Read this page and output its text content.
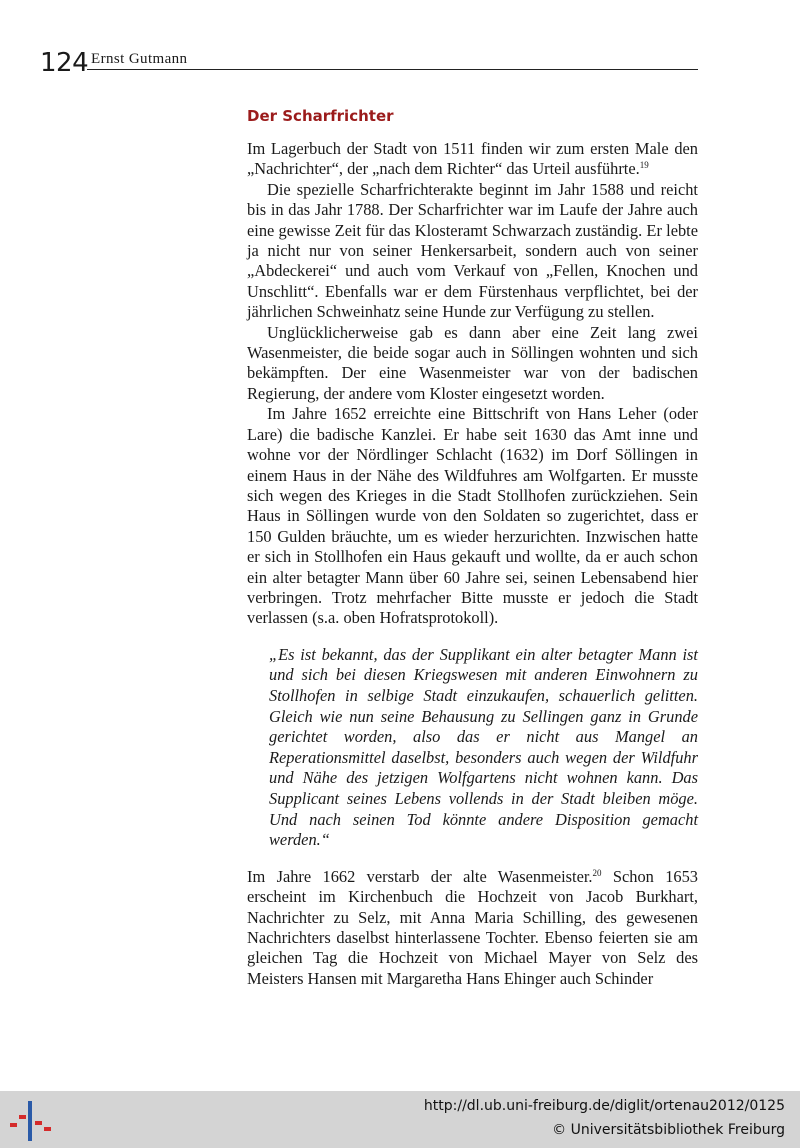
124 Ernst Gutmann
Der Scharfrichter

Im Lagerbuch der Stadt von 1511 finden wir zum ersten Male den „Nachrichter“, der „nach dem Richter“ das Urteil ausführte.$^{19}$

Die spezielle Scharfrichterakte beginnt im Jahr 1588 und reicht bis in das Jahr 1788. Der Scharfrichter war im Laufe der Jahre auch eine gewisse Zeit für das Klosteramt Schwarzach zuständig. Er lebte ja nicht nur von seiner Henkersarbeit, sondern auch von seiner „Abdeckerei“ und auch vom Verkauf von „Fellen, Knochen und Unschlitt“. Ebenfalls war er dem Fürstenhaus verpflichtet, bei der jährlichen Schweinhatz seine Hunde zur Verfügung zu stellen.

Unglücklicherweise gab es dann aber eine Zeit lang zwei Wasenmeister, die beide sogar auch in Söllingen wohnten und sich bekämpften. Der eine Wasenmeister war von der badischen Regierung, der andere vom Kloster eingesetzt worden.

Im Jahre 1652 erreichte eine Bittschrift von Hans Leher (oder Lare) die badische Kanzlei. Er habe seit 1630 das Amt inne und wohne vor der Nördlinger Schlacht (1632) im Dorf Söllingen in einem Haus in der Nähe des Wildfuhres am Wolfgarten. Er musste sich wegen des Krieges in die Stadt Stollhofen zurückziehen. Sein Haus in Söllingen wurde von den Soldaten so zugerichtet, dass er 150 Gulden bräuchte, um es wieder herzurichten. Inzwischen hatte er sich in Stollhofen ein Haus gekauft und wollte, da er auch schon ein alter betagter Mann über 60 Jahre sei, seinen Lebensabend hier verbringen. Trotz mehrfacher Bitte musste er jedoch die Stadt verlassen (s.a. oben Hofratsprotokoll).

„Es ist bekannt, das der Supplikant ein alter betagter Mann ist und sich bei diesen Kriegswesen mit anderen Einwohnern zu Stollhofen in selbige Stadt einzukaufen, schauerlich gelitten. Gleich wie nun seine Behausung zu Sellingen ganz in Grunde gerichtet worden, also das er nicht aus Mangel an Reperationsmittel daselbst, besonders auch wegen der Wildfuhr und Nähe des jetzigen Wolfgartens nicht wohnen kann. Das Supplicant seines Lebens vollends in der Stadt bleiben möge. Und nach seinen Tod könnte andere Disposition gemacht werden.“

Im Jahre 1662 verstarb der alte Wasenmeister.$^{20}$ Schon 1653 erscheint im Kirchenbuch die Hochzeit von Jacob Burkhart, Nachrichter zu Selz, mit Anna Maria Schilling, des gewesenen Nachrichters daselbst hinterlassene Tochter. Ebenso feierten sie am gleichen Tag die Hochzeit von Michael Mayer von Selz des Meisters Hansen mit Margaretha Hans Ehinger auch Schinder

http://dl.ub.uni-freiburg.de/diglit/ortenau2012/0125
© Universitätsbibliothek Freiburg
